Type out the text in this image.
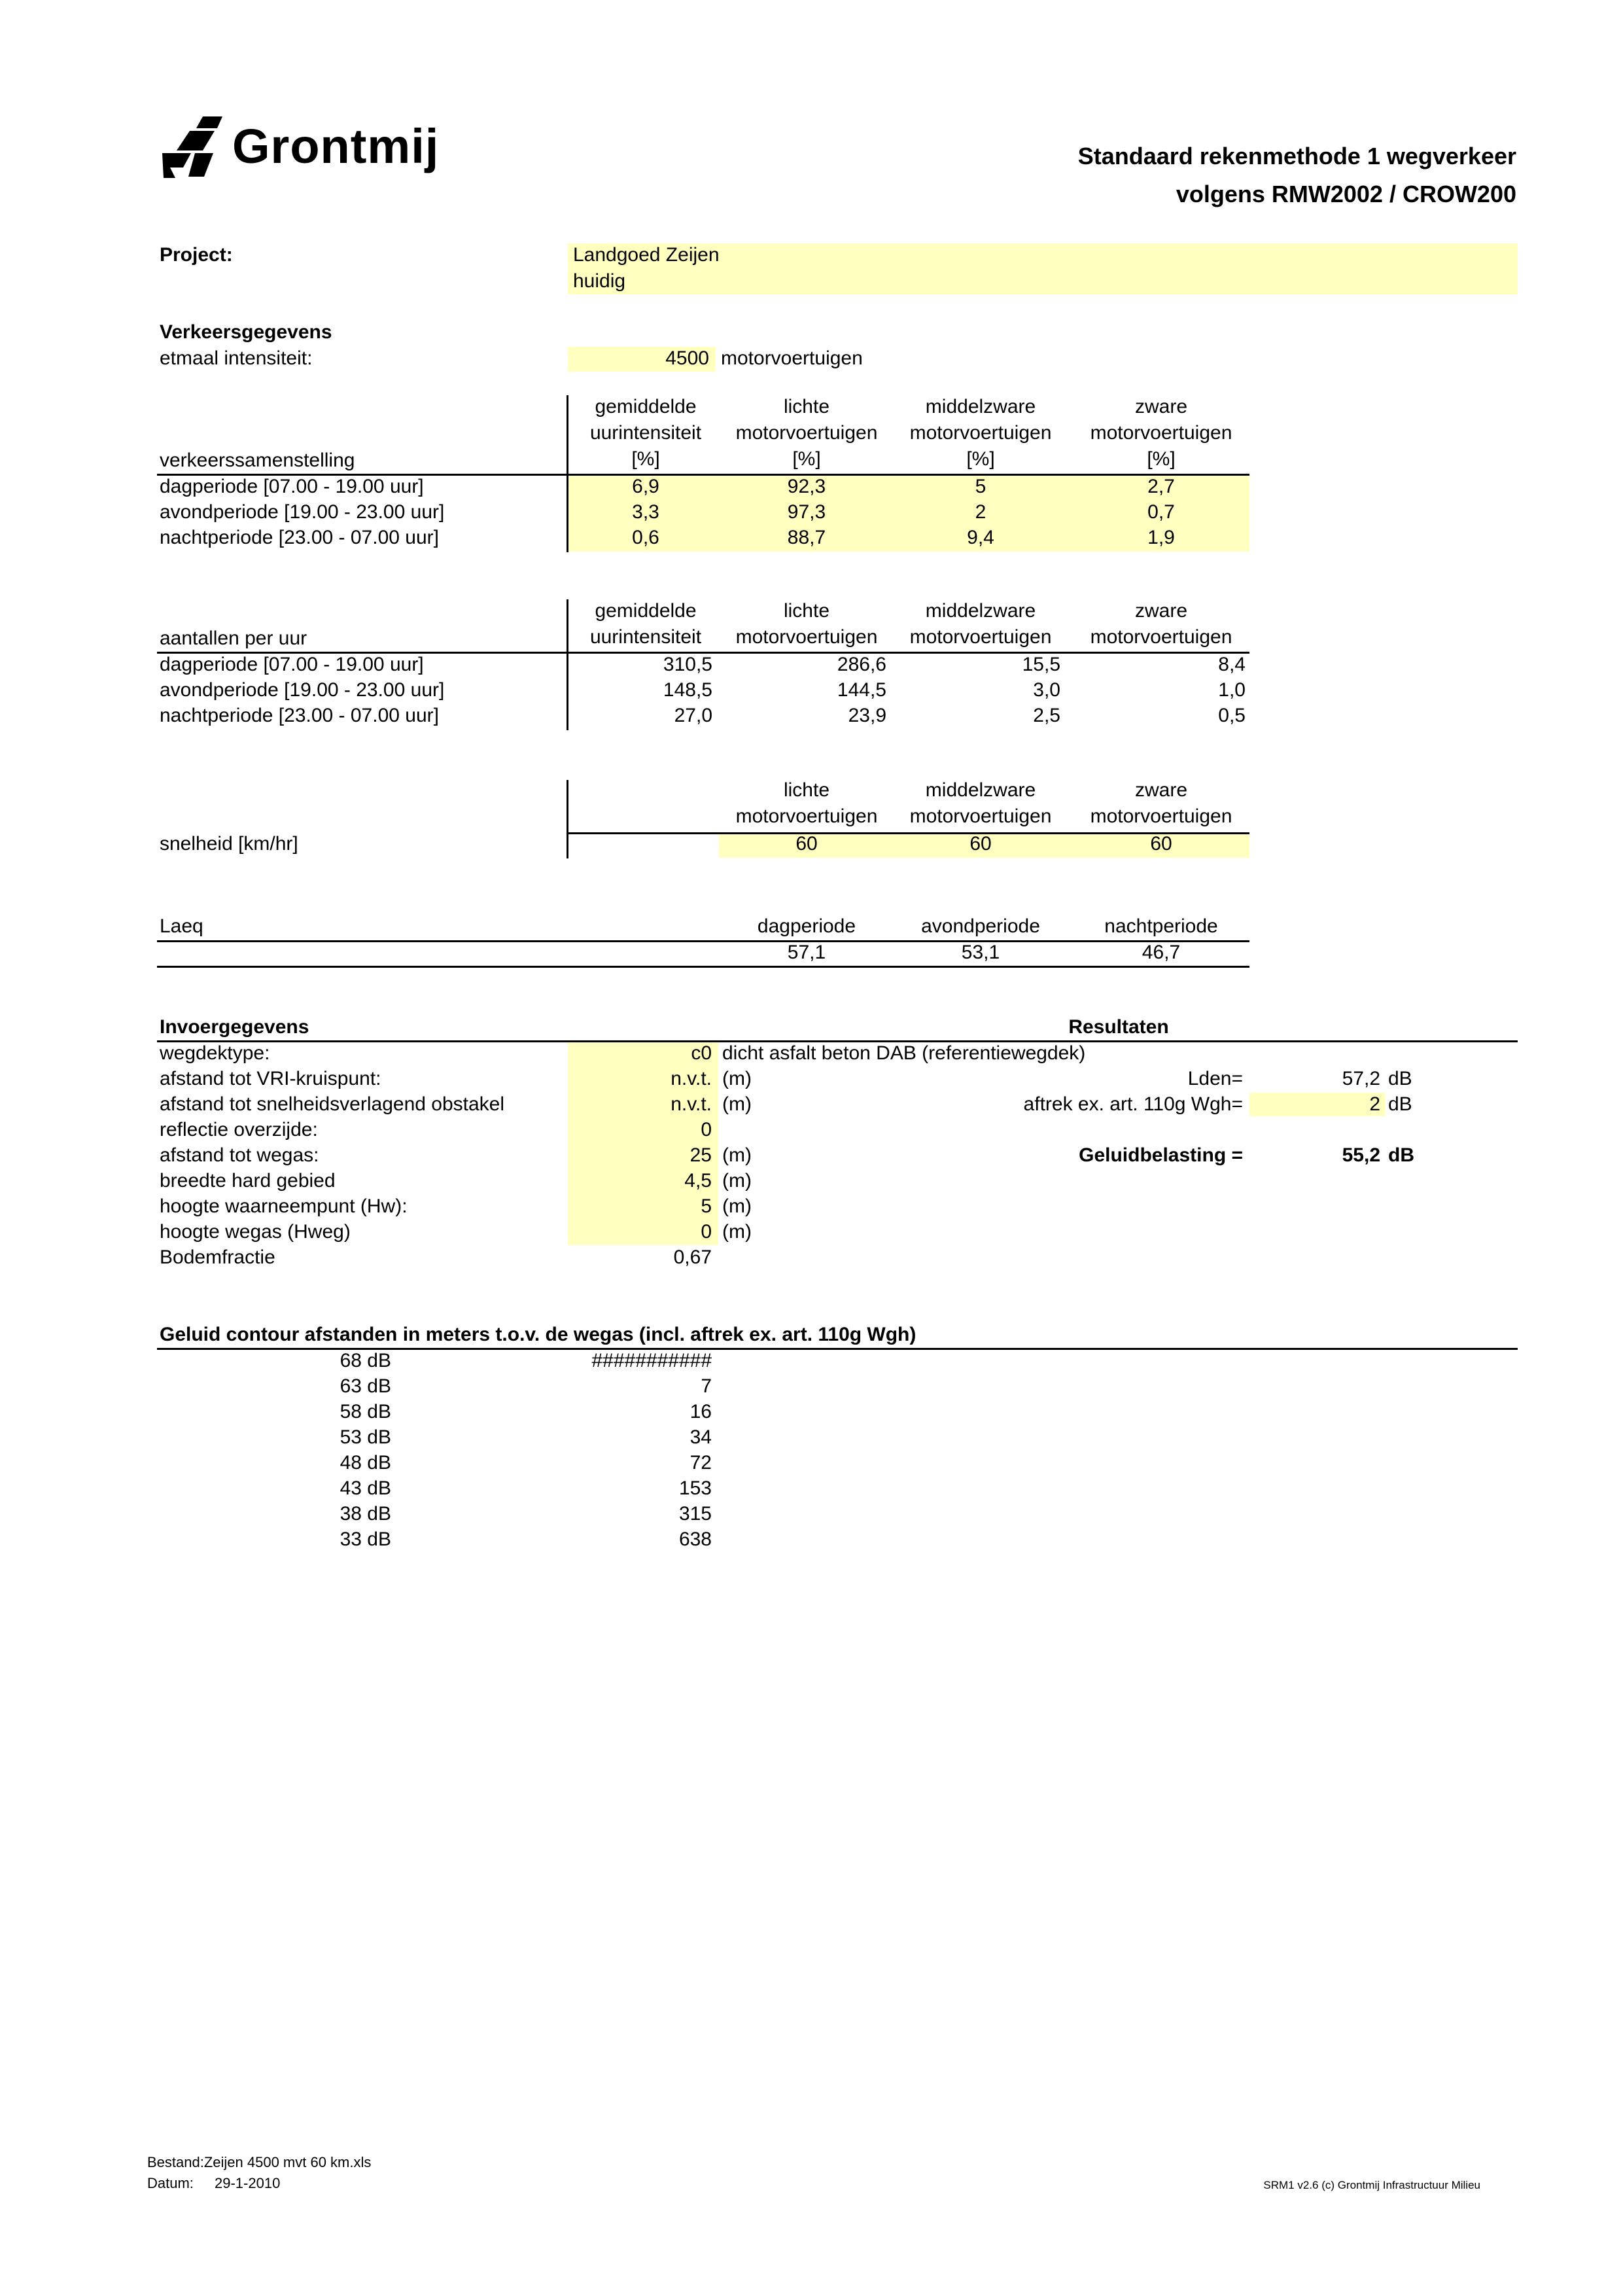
Grontmij	Standaard rekenmethode 1 wegverkeer
volgens RMW2002 / CROW200
Project:	Landgoed Zeijen
huidig
Verkeersgegevens
etmaal intensiteit:	4500 motorvoertuigen
gemiddelde
uurintensiteit
[%]
lichte
motorvoertuigen
[%]
middelzware
motorvoertuigen
[%]
zware
motorvoertuigen
[%]
verkeerssamenstelling
dagperiode [07.00 - 19.00 uur]	6,9	92,3	5	2,7
avondperiode [19.00 - 23.00 uur]	3,3	97,3	2	0,7
nachtperiode [23.00 - 07.00 uur]	0,6	88,7	9,4	1,9
gemiddelde
uurintensiteit
lichte
motorvoertuigen
middelzware
motorvoertuigen
zware
motorvoertuigen
aantallen per uur
dagperiode [07.00 - 19.00 uur]	310,5	286,6	15,5	8,4
avondperiode [19.00 - 23.00 uur]	148,5	144,5	3,0	1,0
nachtperiode [23.00 - 07.00 uur]	27,0	23,9	2,5	0,5
lichte
motorvoertuigen
middelzware
motorvoertuigen
zware
motorvoertuigen
snelheid [km/hr]	60	60	60
Laeq	dagperiode	avondperiode	nachtperiode
57,1	53,1	46,7
Invoergegevens	Resultaten
wegdektype:	c0 dicht asfalt beton DAB (referentiewegdek)
afstand tot VRI-kruispunt:	n.v.t. (m)
afstand tot snelheidsverlagend obstakel	n.v.t. (m)
reflectie overzijde:	0
afstand tot wegas:	25 (m)
breedte hard gebied	4,5 (m)
hoogte waarneempunt (Hw):	5 (m)
hoogte wegas (Hweg)	0 (m)
Bodemfractie	0,67
Lden=	57,2 dB
aftrek ex. art. 110g Wgh=	2 dB
Geluidbelasting =	55,2 dB
Geluid contour afstanden in meters t.o.v. de wegas (incl. aftrek ex. art. 110g Wgh)
68 dB	###########
63 dB	7
58 dB	16
53 dB	34
48 dB	72
43 dB	153
38 dB	315
33 dB	638
Bestand:Zeijen 4500 mvt 60 km.xls
Datum: 29-1-2010	SRM1 v2.6 (c) Grontmij Infrastructuur Milieu
